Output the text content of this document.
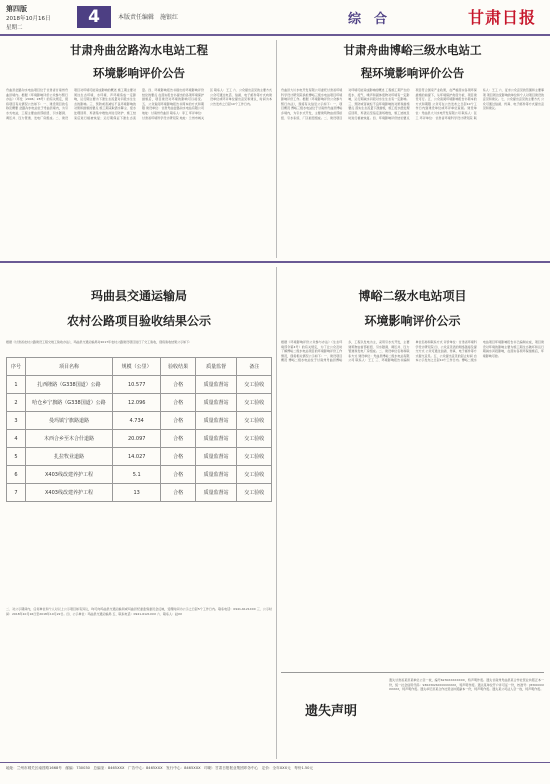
第四版
2018年10月16日
星期二
4	本版责任编辑　施银红	综　合	甘肃日报
甘肃舟曲岔路沟水电站工程
环境影响评价公告
舟曲县岔路沟水电站项目位于甘肃省甘南州舟曲县境内。根据《环境影响评价公众参与暂行办法》（环发〔2006〕28号）的有关规定，现将项目有关情况公告如下：一、建设项目的名称及概要 岔路沟水电站位于舟曲县境内，为引水式电站，工程主要由首部枢纽、引水隧洞、调压井、压力管道、发电厂房组成。二、建设项目对环境可能造成影响的概述 施工期主要对周边生态环境、水环境、声环境造成一定影响，运行期主要为下泄生态流量对河段水生生态的影响。三、预防或者减轻不良环境影响的对策和措施的要点 施工期采取洒水降尘、废水处理回用、弃渣集中堆放并进行防护、施工结束后进行植被恢复；运行期保证下泄生态流量。四、环境影响报告书提出的环境影响评价结论的要点 在落实报告书提出的各项环境保护措施后，项目建设对环境的影响可以接受。五、公众查阅环境影响报告书简本的方式和期限 建设单位：甘肃舟曲岔路沟水电站有限公司 地址：甘南州舟曲县 联系人：李工 环评单位：甘肃省环境科学设计研究院 地址：兰州市城关区 联系人：王工 六、公众提出意见的主要方式 公众可通过电话、信函、电子邮件等方式向建设单位或环评单位提出意见和建议，时间为本公告发布之日起10个工作日内。
甘肃舟曲博峪三级水电站工
程环境影响评价公告
舟曲县大川水电开发有限公司委托甘肃省环境科学设计研究院承担博峪三级水电站项目环境影响评价工作。根据《环境影响评价公众参与暂行办法》，现将有关信息公示如下：一、项目概况 博峪三级水电站位于甘南州舟曲县博峪乡境内，为引水式开发，主要建筑物由首部枢纽、引水系统、厂区枢纽组成。二、建设项目对环境可能造成影响的概述 工程施工期产生的废水、废气、噪声和固体废物对环境有一定影响，运行期减水河段对水生生态有一定影响。三、预防或者减轻不良环境影响的对策和措施要点 落实生态流量下泄措施，施工废水经处理后回用，弃渣运至指定渣场堆放，施工迹地及时进行植被恢复。四、环境影响评价结论要点 项目符合国家产业政策，在严格落实各项环保措施的前提下，从环境保护角度分析，项目建设可行。五、公众查阅环境影响报告书简本的方式和期限 公众可在公告发布之日起10个工作日内到建设单位或环评单位查阅。建设单位：舟曲县大川水电开发有限公司 联系人：张工 环评单位：甘肃省环境科学设计研究院 联系人：王工 六、征求公众意见的范围和主要事项 项目周边受影响的单位和个人对项目建设的意见和建议。七、公众提出意见的主要方式 公众可通过信函、传真、电子邮件等方式提出意见和建议。
玛曲县交通运输局
农村公路项目验收结果公示
根据《甘肃省农村公路建设工程交竣工验收办法》，玛曲县交通运输局对2017年农村公路建设项目进行了交工验收，现将验收结果公示如下：
序号	项目名称	规模（公里）	验收结果	质量监督	备注
1	扎西隆路（G338国道）公路	10.577	合格	质量监督站	交工验收
2	哈仓乡宁旗路（G338国道）公路	12.096	合格	质量监督站	交工验收
3	曼玛镇宁旗路道路	4.734	合格	质量监督站	交工验收
4	木西合乡至木合什道路	20.097	合格	质量监督站	交工验收
5	扎拉牧业道路	14.027	合格	质量监督站	交工验收
6	X403线改建养护工程	5.1	合格	质量监督站	交工验收
7	X403线改建养护工程	13	合格	质量监督站	交工验收
二、对公示期间内，任何单位和个人对以上公示项目如有异议，均可向玛曲县交通运输局或玛曲县纪委监察委员会反映，受理时间为公示之日起5个工作日内。联系电话：0941-6121XXX 三、公示时间：2018年10月16日至2018年10月22日。四、公示单位：玛曲县交通运输局 五、联系电话：0941-6121XXX 六、联系人：赵XX
博峪二级水电站项目
环境影响评价公示
根据《环境影响评价公众参与办法》（生态环境部令第4号）的有关规定，为了让公众及时了解博峪二级水电站项目的环境影响评价工作情况，现将相关情况公示如下：一、建设项目概况 博峪二级水电站位于甘南州舟曲县博峪乡，工程以发电为主，采用引水式开发，主要建筑物由首部枢纽、引水隧洞、调压井、压力管道和发电厂房组成。二、建设单位名称和联系方式 建设单位：舟曲县博峪二级水电站有限公司 联系人：王工 三、环境影响报告书编制单位名称和联系方式 评价单位：甘肃省环境科学设计研究院 四、公众意见表的网络链接及提交方式 公众可通过信函、传真、电子邮件等方式提交意见。五、公众提出意见的起止时间 自本公示发布之日起10个工作日内。博峪二级水电站项目环境影响报告书已编制完成，项目建设对环境的影响主要为施工期生态破坏和运行期减水河段影响，在落实各项环保措施后，环境影响可控。
遗失声明
遗失甘肃省某县某单位公章一枚，编号6230XXXXXXXX，特声明作废。遗失甘南州舟曲县某合作社营业执照正本一份，统一社会信用代码：93623026XXXXXXXXX，特声明作废。遗失某单位开户许可证一份，核准号：J8300XXXXXXXX，特声明作废。遗失卓尼县某合作社营业执照副本一份，特声明作废。遗失某公司法人章一枚，特声明作废。
地址：兰州市城关区南昌路1668号　邮编：730030　总编室：8465XXX　广告中心：8465XXX　发行中心：8465XXX　印刷：甘肃日报报业集团印务中心　定价：全年XXX元　每份1.50元
